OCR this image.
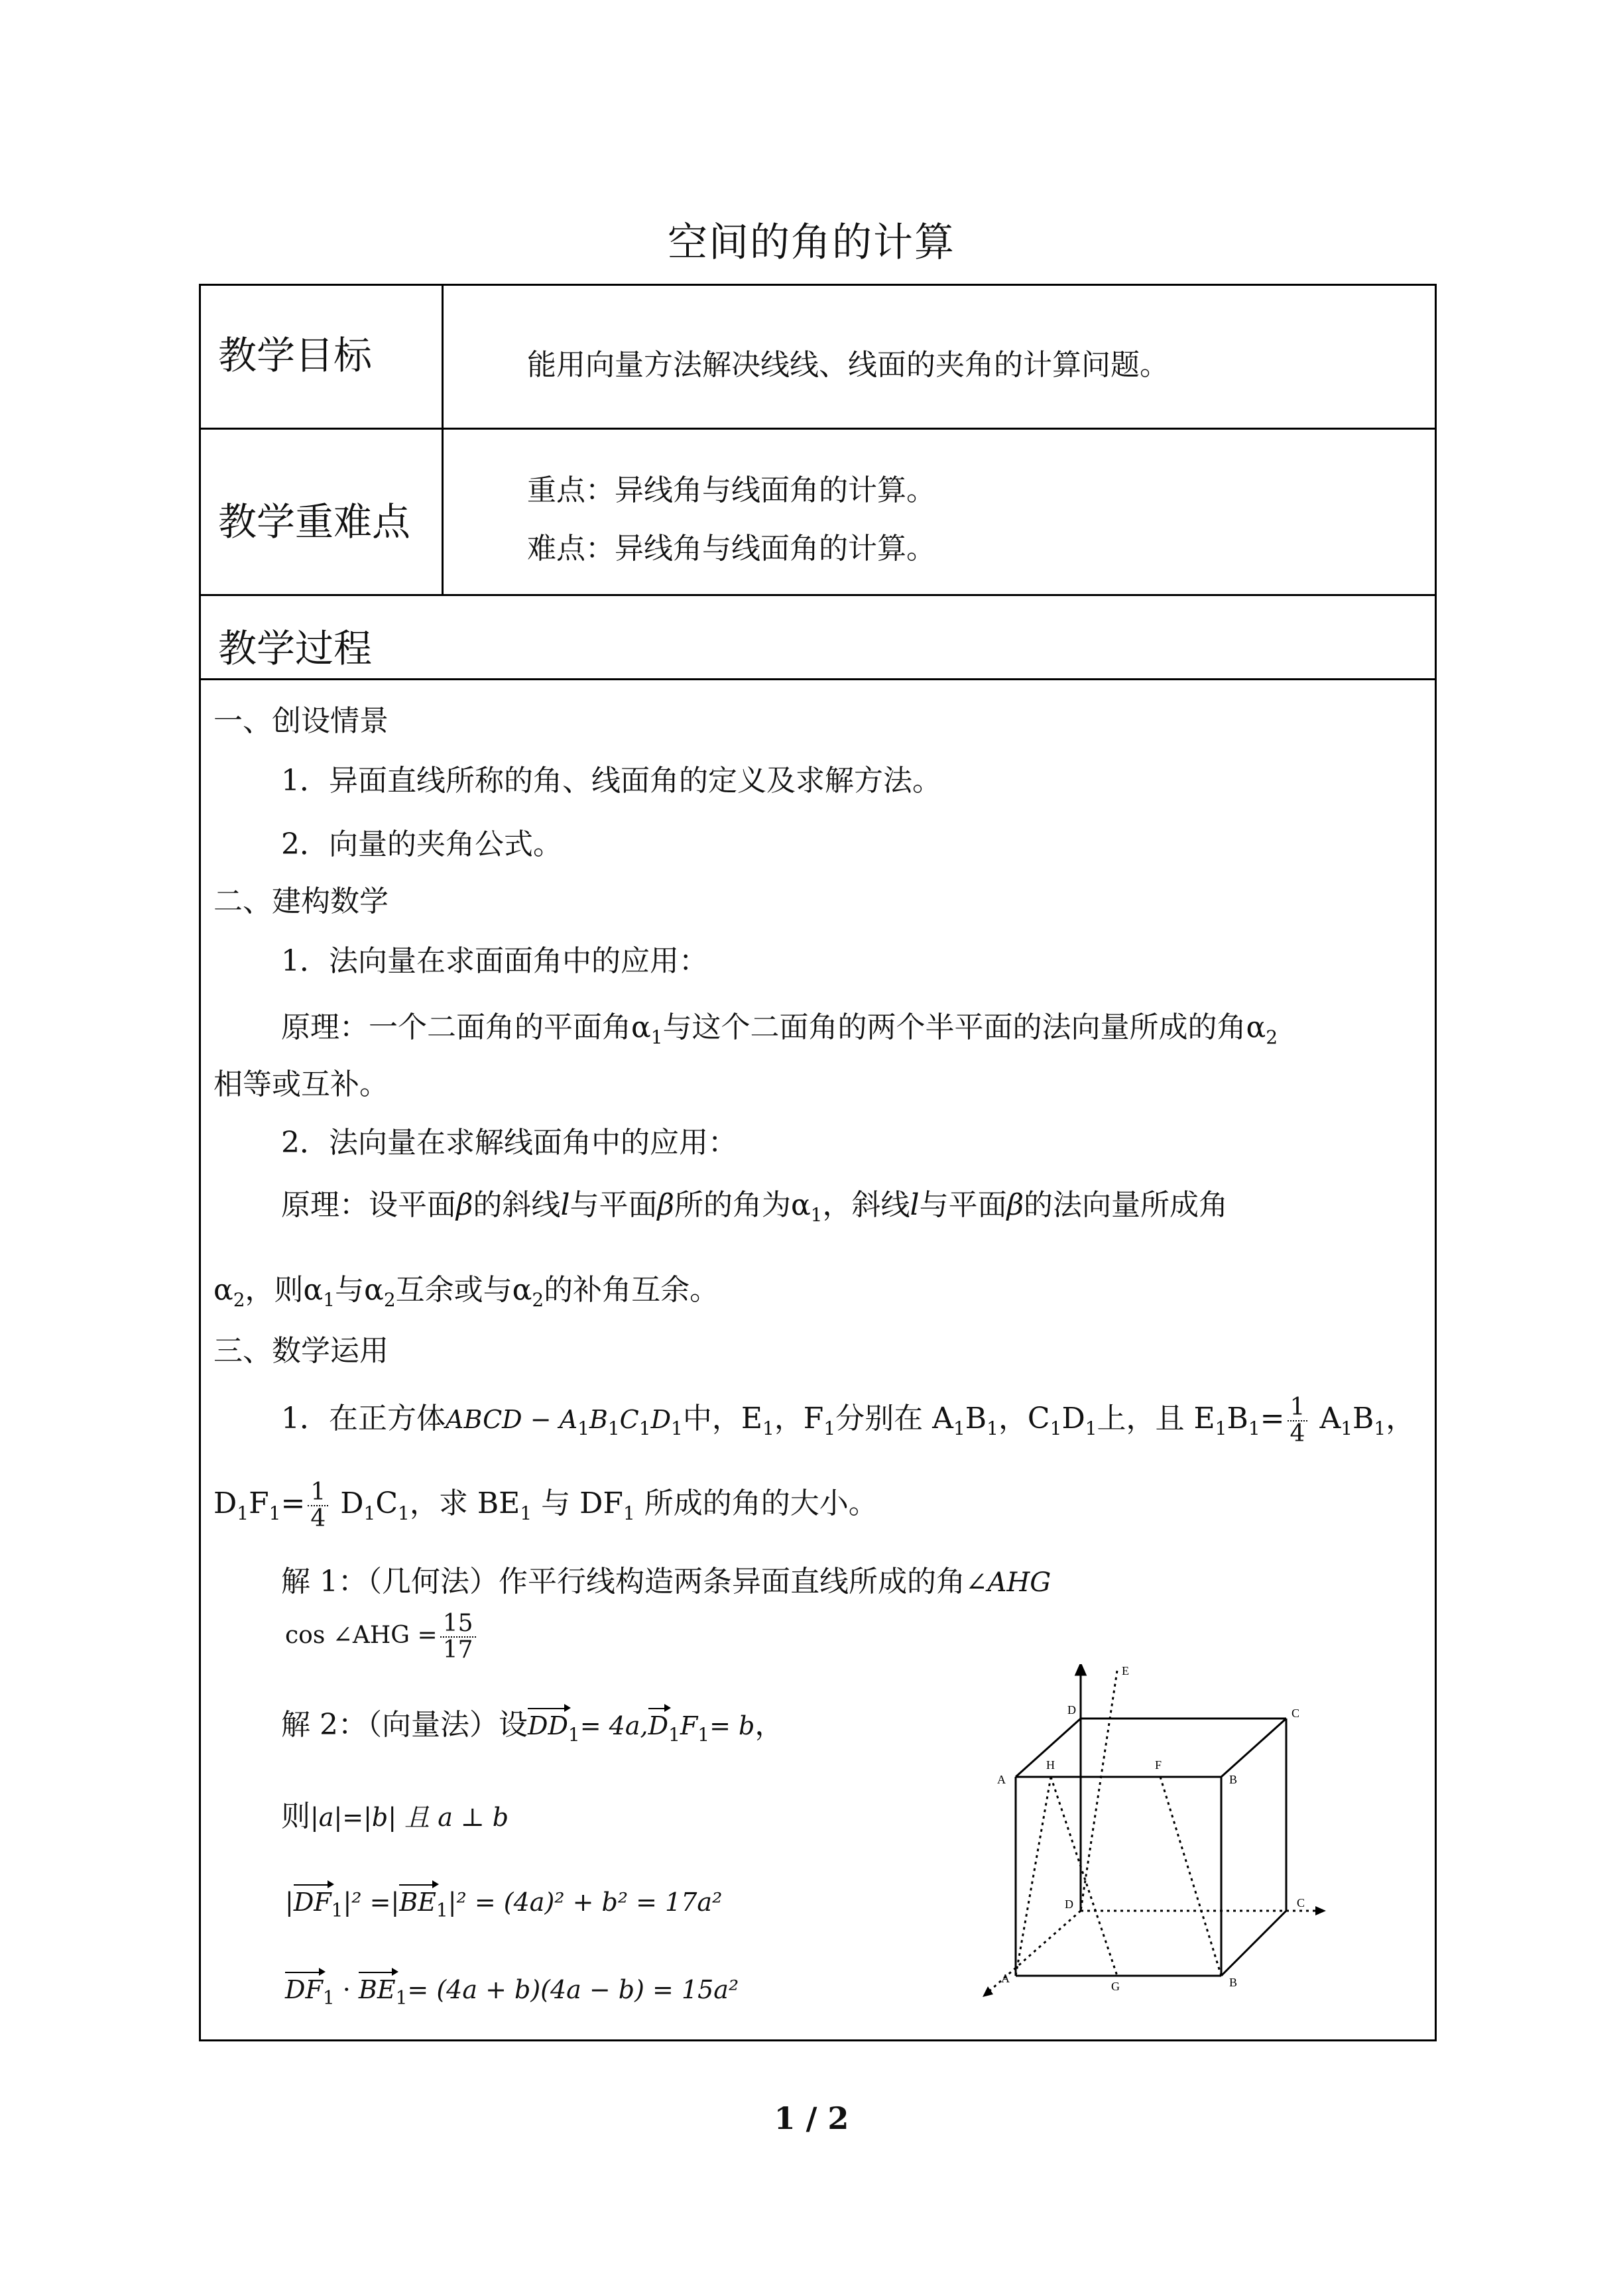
空间的角的计算
教学目标	能用向量方法解决线线、线面的夹角的计算问题。

教学重难点	重点：异线角与线面角的计算。
难点：异线角与线面角的计算。

教学过程	

一、创设情景
1．异面直线所称的角、线面角的定义及求解方法。
2．向量的夹角公式。
二、建构数学
1．法向量在求面面角中的应用：
原理：一个二面角的平面角$\alpha_1$与这个二面角的两个半平面的法向量所成的角$\alpha_2$
相等或互补。
2．法向量在求解线面角中的应用：
原理：设平面β的斜线l与平面β所的角为$\alpha_1$，斜线l与平面β的法向量所成角
$\alpha_2$，则$\alpha_1$与$\alpha_2$互余或与$\alpha_2$的补角互余。
三、数学运用
1．在正方体ABCD − $A_1B_1C_1D_1$中，$E_1$，$F_1$分别在 $A_1B_1$，$C_1D_1$上，且 $E_1B_1= \frac{1}{4} A_1B_1$，
$D_1F_1= \frac{1}{4} D_1C_1$，求 $BE_1$ 与 $DF_1$ 所成的角的大小。
解 1：（几何法）作平行线构造两条异面直线所成的角∠AHG
cos ∠AHG = $\frac{15}{17}$
解 2：（向量法）设$DD_1= 4a,D_1F_1= b$，
则|a|=|b| 且 a ⊥ b
$|DF_1|^2 =|BE_1|^2 = (4a)^2 + b^2 = 17a^2$
$DF_1 \cdot BE_1= (4a + b)(4a - b) = 15a^2$
D
E
C
H	F
A	B
D	C
A
G	B
1 / 2
